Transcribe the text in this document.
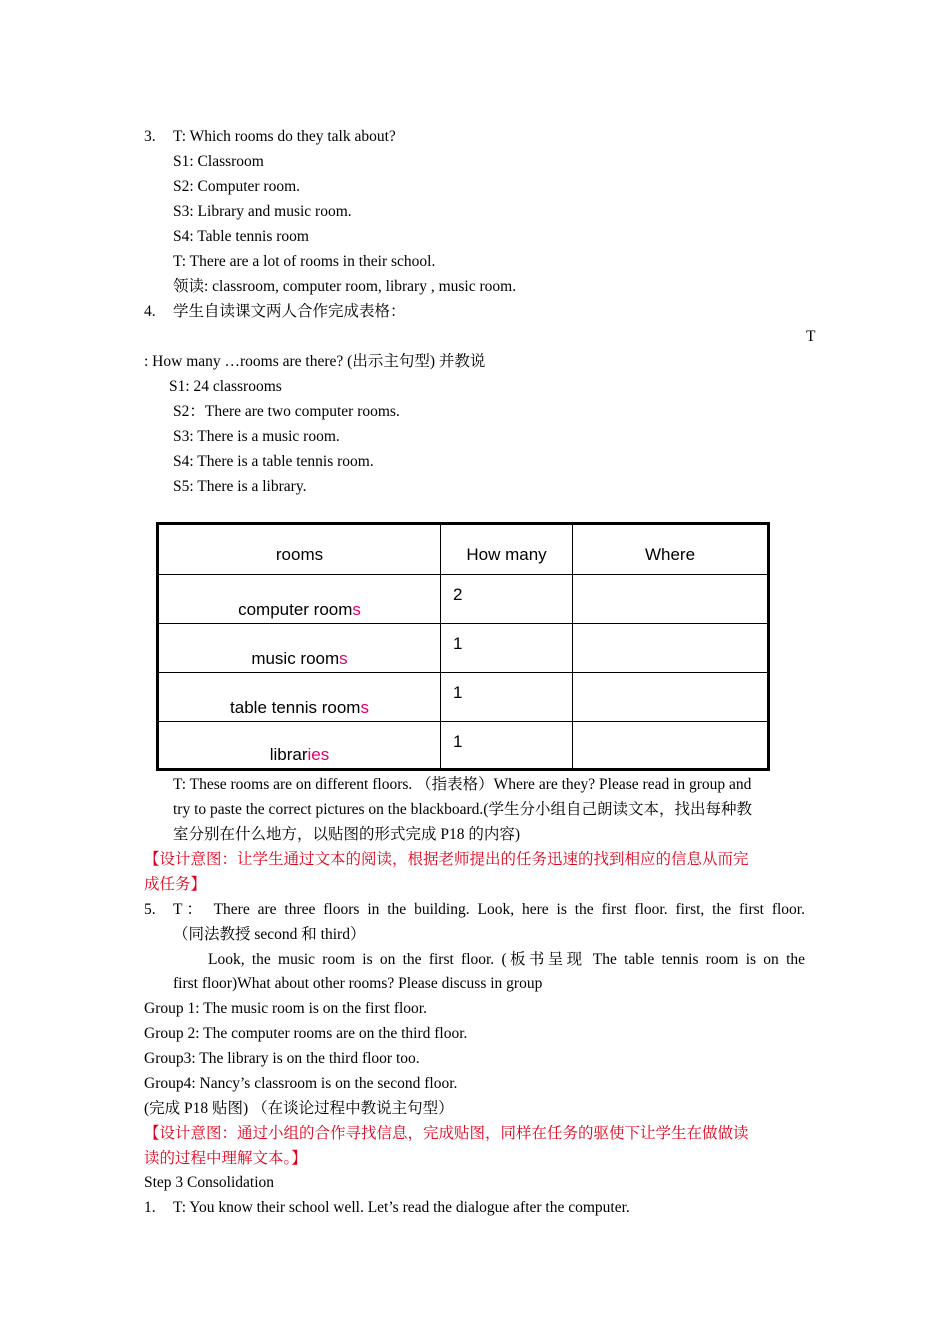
3.	T: Which rooms do they talk about?
S1: Classroom
S2: Computer room.
S3: Library and music room.
S4: Table tennis room
T: There are a lot of rooms in their school.
领读: classroom, computer room, library , music room.
4.	学生自读课文两人合作完成表格：
T
: How many …rooms are there? (出示主句型) 并教说
S1: 24 classrooms
S2：There are two computer rooms.
S3: There is a music room.
S4: There is a table tennis room.
S5: There is a library.
rooms	How many	Where

computer rooms	2	

music rooms	1	

table tennis rooms	1	

libraries	1	

T: These rooms are on different floors. （指表格）Where are they? Please read in group and
try to paste the correct pictures on the blackboard.(学生分小组自己朗读文本，找出每种教
室分别在什么地方，以贴图的形式完成 P18 的内容)
【设计意图：让学生通过文本的阅读，根据老师提出的任务迅速的找到相应的信息从而完
成任务】
5.	T： There are three floors in the building. Look, here is the first floor. first, the first floor.
（同法教授 second 和 third）
Look, the music room is on the first floor. (板书呈现 The table tennis room is on the
first floor)What about other rooms? Please discuss in group
Group 1: The music room is on the first floor.
Group 2: The computer rooms are on the third floor.
Group3: The library is on the third floor too.
Group4: Nancy’s classroom is on the second floor.
(完成 P18 贴图) （在谈论过程中教说主句型）
【设计意图：通过小组的合作寻找信息，完成贴图，同样在任务的驱使下让学生在做做读
读的过程中理解文本。】
Step 3 Consolidation
1.	T: You know their school well. Let’s read the dialogue after the computer.
